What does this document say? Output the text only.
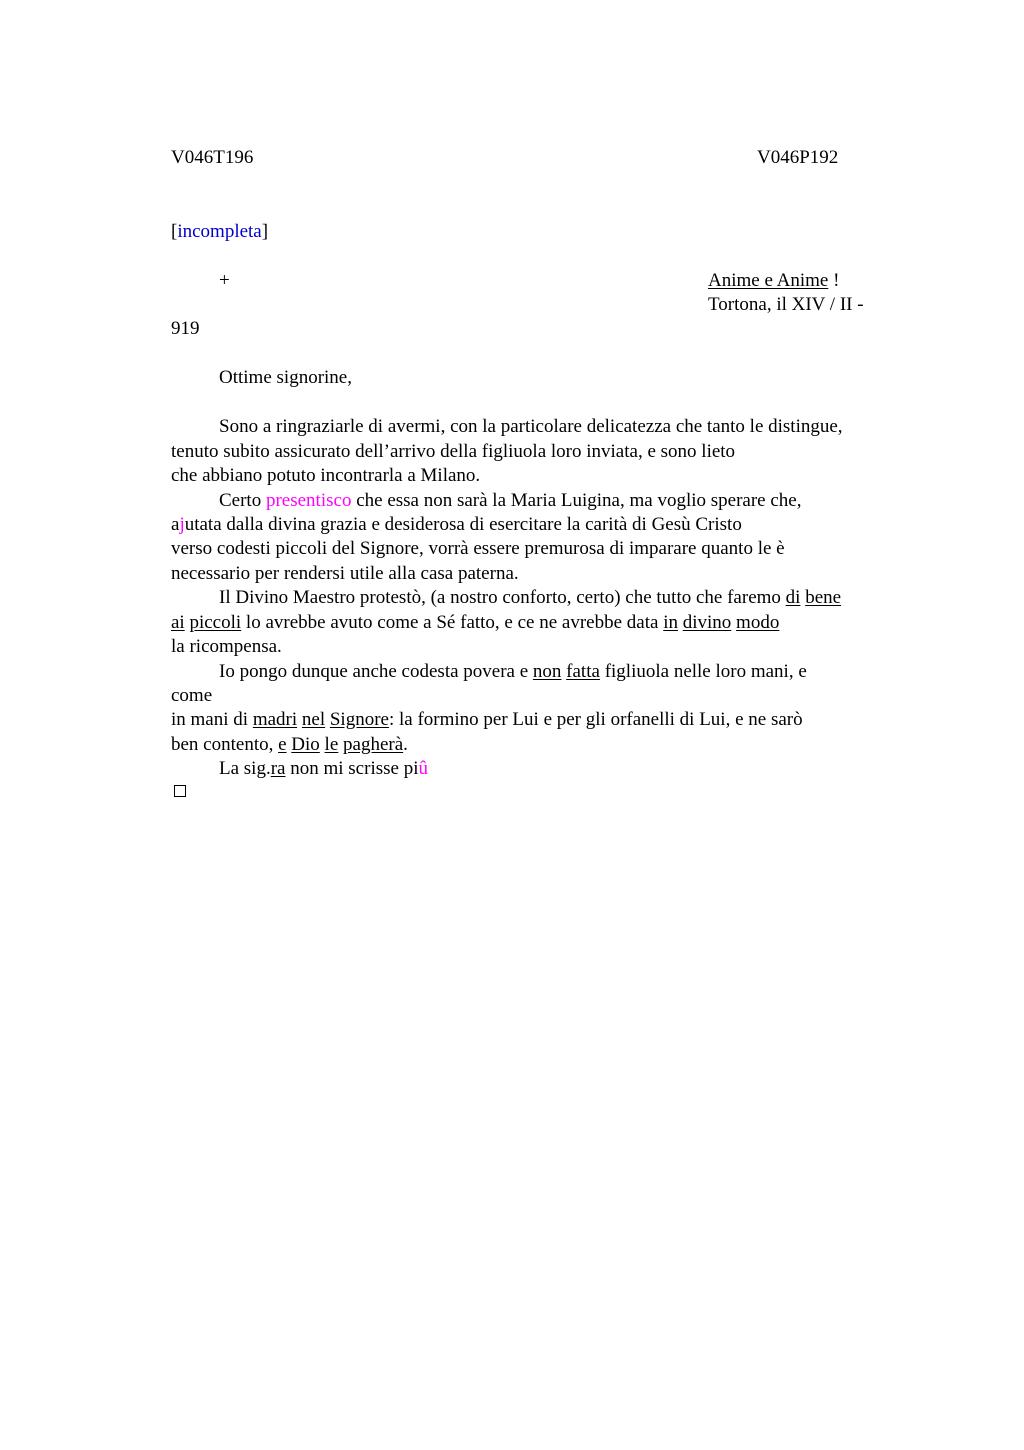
V046T196	V046P192
[incompleta]
+	Anime e Anime !
Tortona, il XIV / II -
919
Ottime signorine,
Sono a ringraziarle di avermi, con la particolare delicatezza che tanto le distingue,
tenuto subito assicurato dell’arrivo della figliuola loro inviata, e sono lieto
che abbiano potuto incontrarla a Milano.
Certo presentisco che essa non sarà la Maria Luigina, ma voglio sperare che,
ajutata dalla divina grazia e desiderosa di esercitare la carità di Gesù Cristo
verso codesti piccoli del Signore, vorrà essere premurosa di imparare quanto le è
necessario per rendersi utile alla casa paterna.
Il Divino Maestro protestò, (a nostro conforto, certo) che tutto che faremo di bene
ai piccoli lo avrebbe avuto come a Sé fatto, e ce ne avrebbe data in divino modo
la ricompensa.
Io pongo dunque anche codesta povera e non fatta figliuola nelle loro mani, e
come
in mani di madri nel Signore: la formino per Lui e per gli orfanelli di Lui, e ne sarò
ben contento, e Dio le pagherà.
La sig.ra non mi scrisse piû
